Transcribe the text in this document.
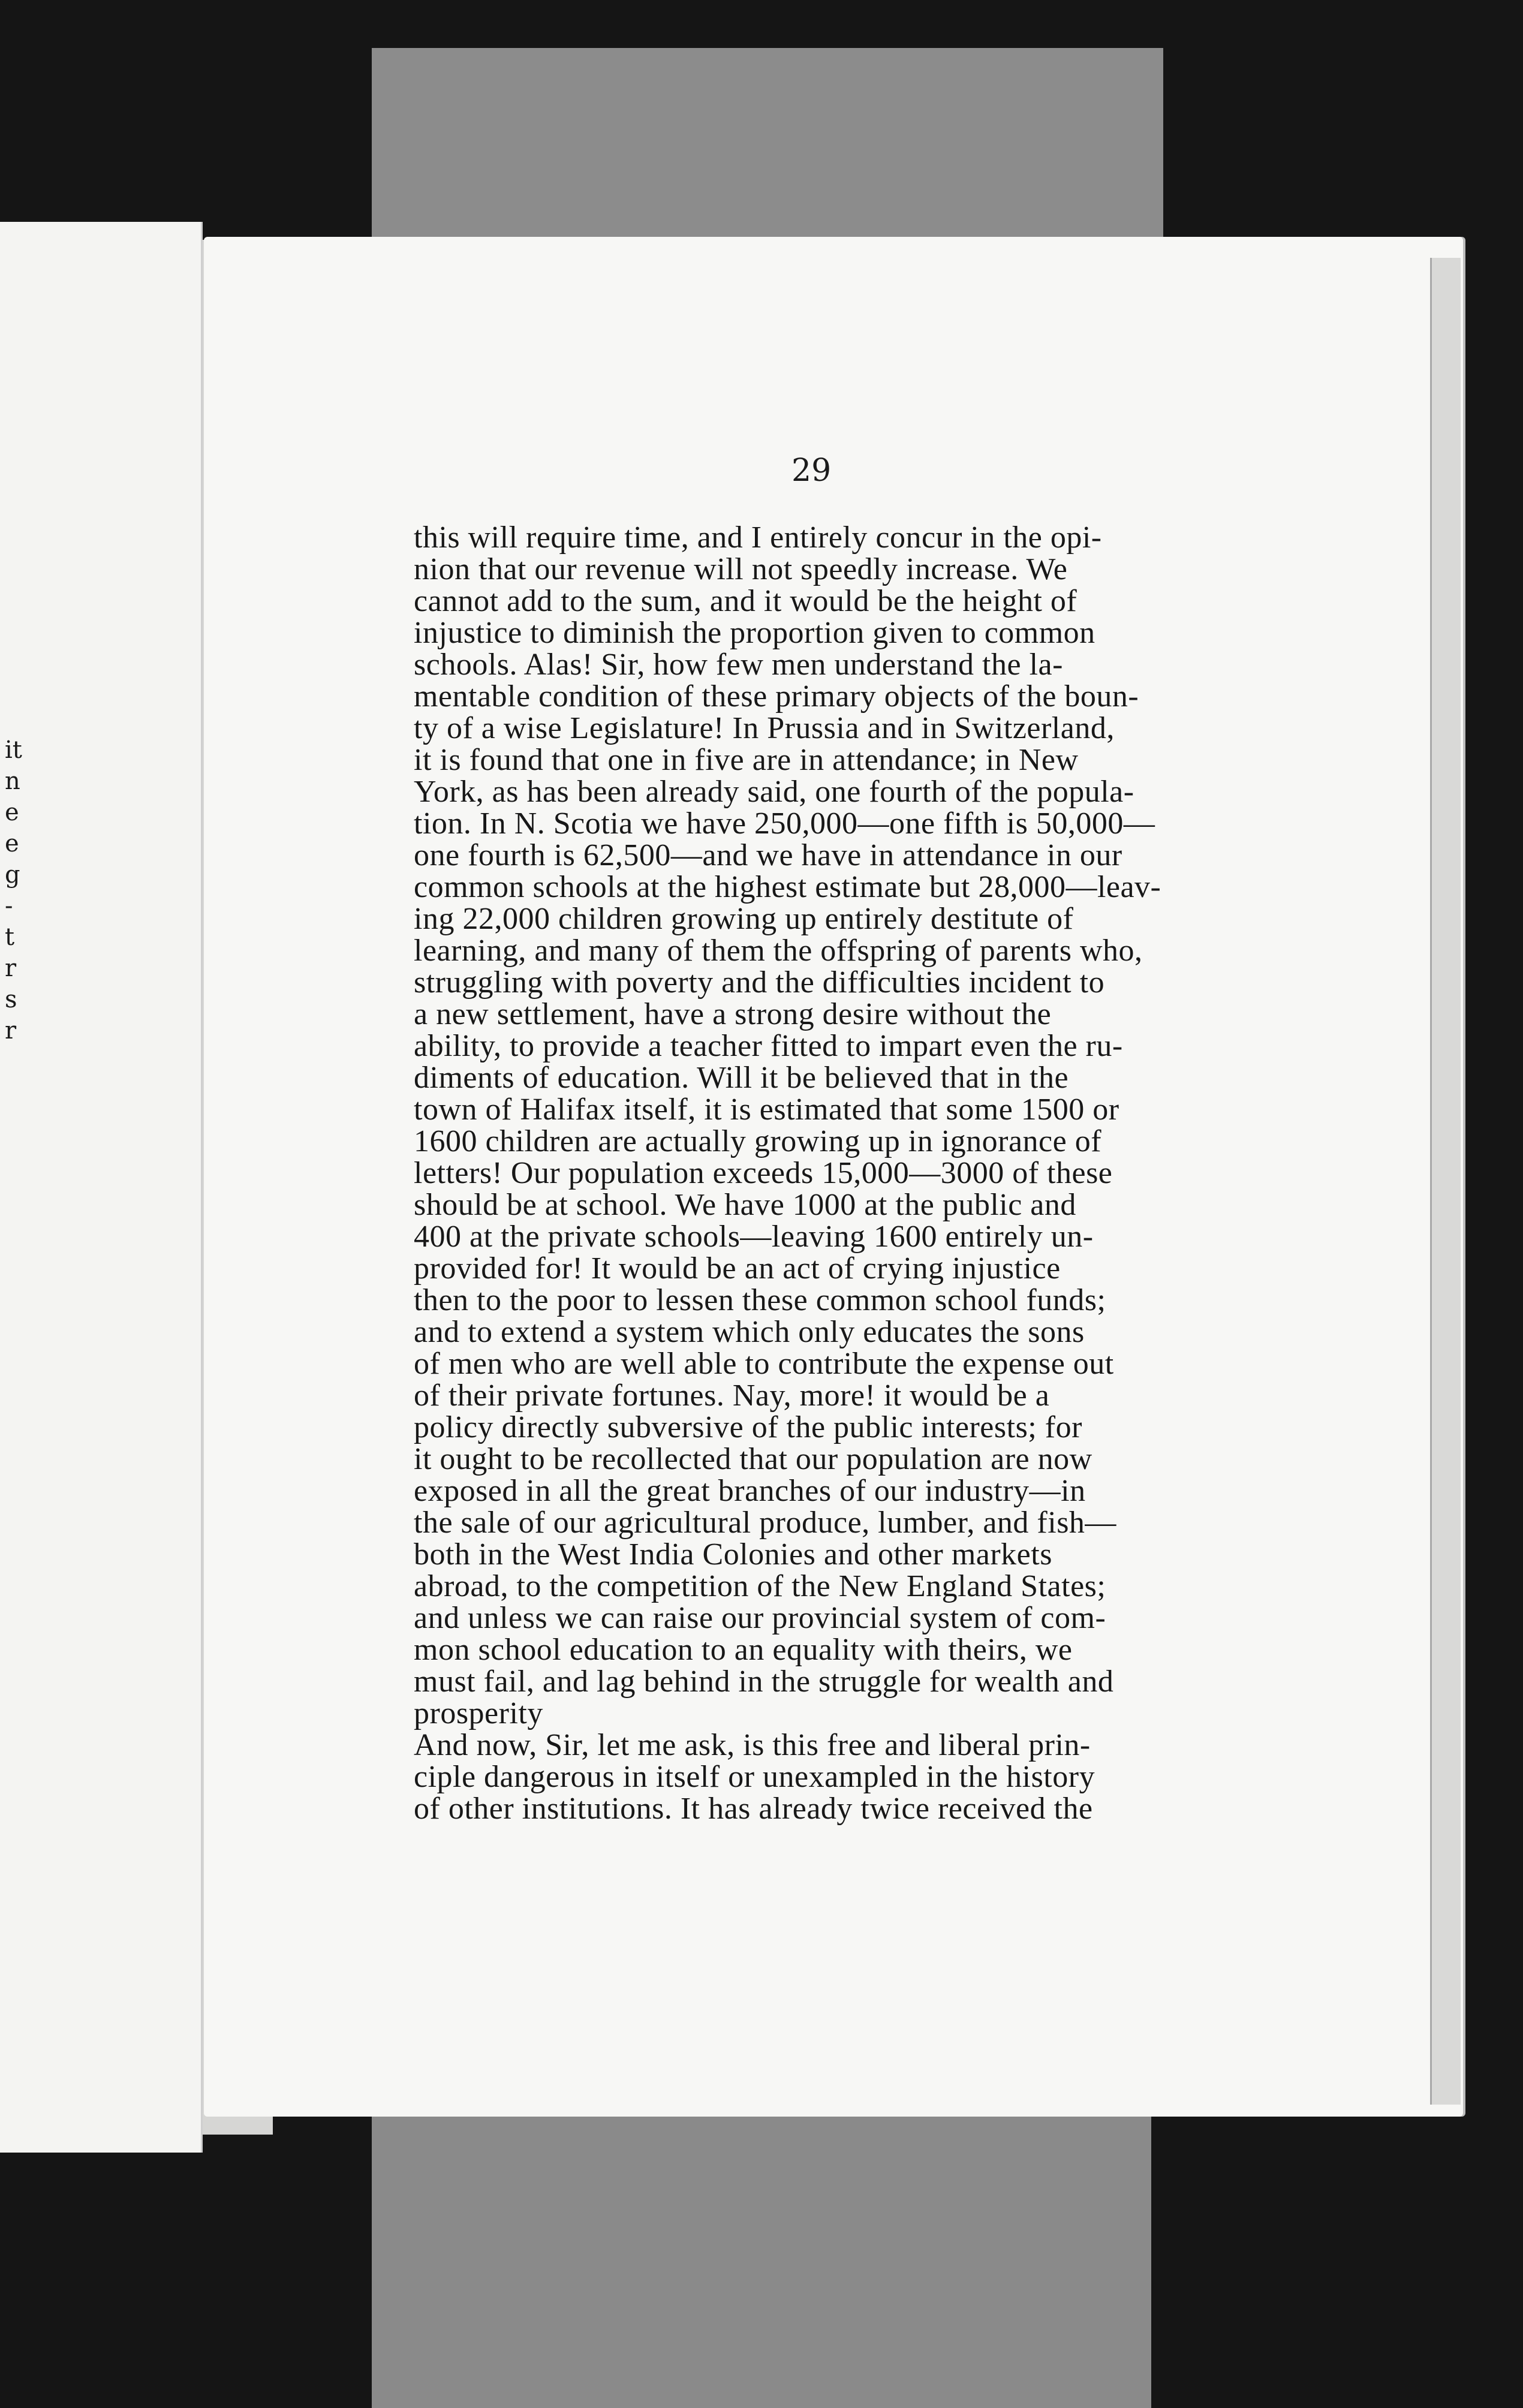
it
n
e
e
g
-
t
r
s
r
29
this will require time, and I entirely concur in the opi-
nion that our revenue will not speedly increase. We
cannot add to the sum, and it would be the height of
injustice to diminish the proportion given to common
schools. Alas! Sir, how few men understand the la-
mentable condition of these primary objects of the boun-
ty of a wise Legislature! In Prussia and in Switzerland,
it is found that one in five are in attendance; in New
York, as has been already said, one fourth of the popula-
tion. In N. Scotia we have 250,000—one fifth is 50,000—
one fourth is 62,500—and we have in attendance in our
common schools at the highest estimate but 28,000—leav-
ing 22,000 children growing up entirely destitute of
learning, and many of them the offspring of parents who,
struggling with poverty and the difficulties incident to
a new settlement, have a strong desire without the
ability, to provide a teacher fitted to impart even the ru-
diments of education. Will it be believed that in the
town of Halifax itself, it is estimated that some 1500 or
1600 children are actually growing up in ignorance of
letters! Our population exceeds 15,000—3000 of these
should be at school. We have 1000 at the public and
400 at the private schools—leaving 1600 entirely un-
provided for! It would be an act of crying injustice
then to the poor to lessen these common school funds;
and to extend a system which only educates the sons
of men who are well able to contribute the expense out
of their private fortunes. Nay, more! it would be a
policy directly subversive of the public interests; for
it ought to be recollected that our population are now
exposed in all the great branches of our industry—in
the sale of our agricultural produce, lumber, and fish—
both in the West India Colonies and other markets
abroad, to the competition of the New England States;
and unless we can raise our provincial system of com-
mon school education to an equality with theirs, we
must fail, and lag behind in the struggle for wealth and
prosperity
And now, Sir, let me ask, is this free and liberal prin-
ciple dangerous in itself or unexampled in the history
of other institutions. It has already twice received the
